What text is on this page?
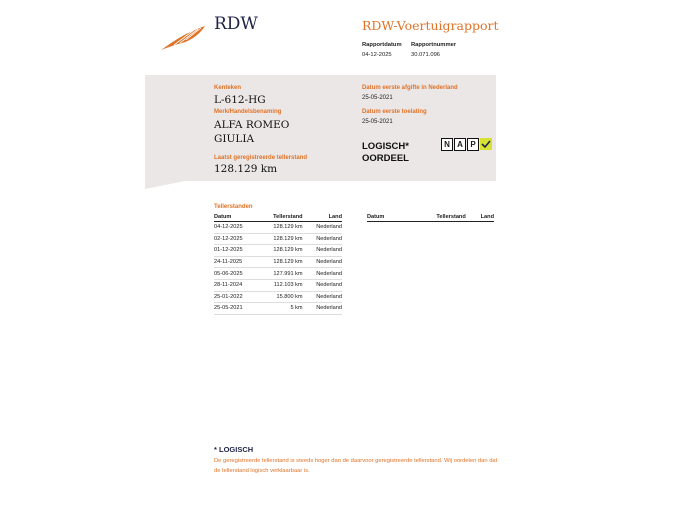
RDW	RDW-Voertuigrapport
Rapportdatum
04-12-2025
Rapportnummer
30.071.096
Kenteken
L-612-HG
Merk/Handelsbenaming
ALFA ROMEO
GIULIA
Laatst geregistreerde tellerstand
128.129 km
Datum eerste afgifte in Nederland
25-05-2021
Datum eerste toelating
25-05-2021
LOGISCH*
OORDEEL
N A P
Tellerstanden
Datum	Tellerstand	Land
04-12-2025	128.129 km	Nederland
02-12-2025	128.129 km	Nederland
01-12-2025	128.129 km	Nederland
24-11-2025	128.129 km	Nederland
05-06-2025	127.991 km	Nederland
28-11-2024	112.103 km	Nederland
25-01-2022	15.800 km	Nederland
25-05-2021	5 km	Nederland
Datum	Tellerstand	Land
* LOGISCH
De geregistreerde tellerstand is steeds hoger dan de daarvoor geregistreerde tellerstand. Wij oordelen dan dat de tellerstand logisch verklaarbaar is.
